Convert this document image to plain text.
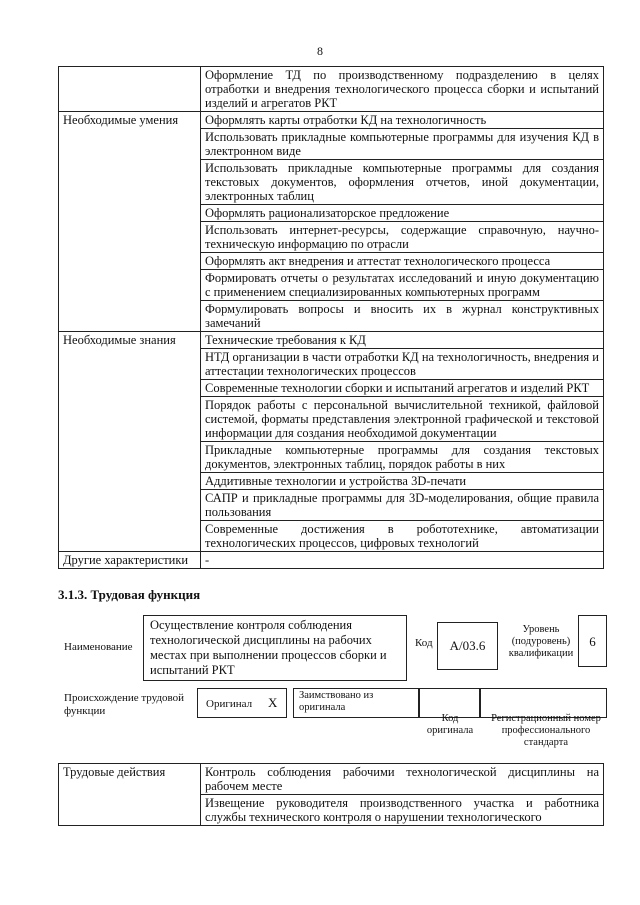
8
	Оформление ТД по производственному подразделению в целях отработки и внедрения технологического процесса сборки и испытаний изделий и агрегатов РКТ
Необходимые умения	Оформлять карты отработки КД на технологичность
	Использовать прикладные компьютерные программы для изучения КД в электронном виде
	Использовать прикладные компьютерные программы для создания текстовых документов, оформления отчетов, иной документации, электронных таблиц
	Оформлять рационализаторское предложение
	Использовать интернет-ресурсы, содержащие справочную, научно-техническую информацию по отрасли
	Оформлять акт внедрения и аттестат технологического процесса
	Формировать отчеты о результатах исследований и иную документацию с применением специализированных компьютерных программ
	Формулировать вопросы и вносить их в журнал конструктивных замечаний
Необходимые знания	Технические требования к КД
	НТД организации в части отработки КД на технологичность, внедрения и аттестации технологических процессов
	Современные технологии сборки и испытаний агрегатов и изделий РКТ
	Порядок работы с персональной вычислительной техникой, файловой системой, форматы представления электронной графической и текстовой информации для создания необходимой документации
	Прикладные компьютерные программы для создания текстовых документов, электронных таблиц, порядок работы в них
	Аддитивные технологии и устройства 3D-печати
	САПР и прикладные программы для 3D-моделирования, общие правила пользования
	Современные достижения в робототехнике, автоматизации технологических процессов, цифровых технологий
Другие характеристики	-
3.1.3. Трудовая функция
Наименование
Осуществление контроля соблюдения технологической дисциплины на рабочих местах при выполнении процессов сборки и испытаний РКТ
Код	А/03.6
Уровень (подуровень) квалификации
6
Происхождение трудовой функции
Оригинал Х	Заимствовано из оригинала
Код оригинала
Регистрационный номер профессионального стандарта
Трудовые действия	Контроль соблюдения рабочими технологической дисциплины на рабочем месте
Извещение руководителя производственного участка и работника службы технического контроля о нарушении технологического
